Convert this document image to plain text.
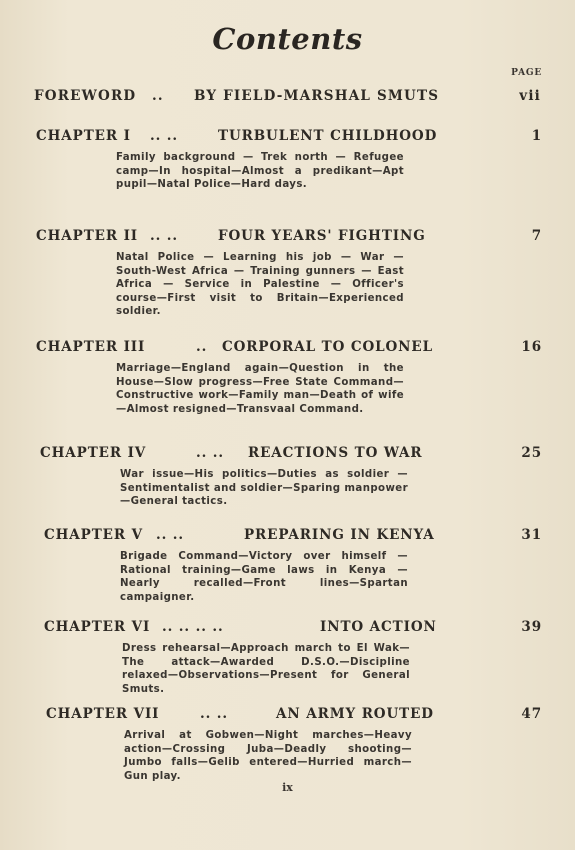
Contents
PAGE
FOREWORD .. BY FIELD-MARSHAL SMUTS	vii
CHAPTER I .. ..	TURBULENT CHILDHOOD	1
Family background — Trek north — Refugee camp—In hospital—Almost a predikant—Apt pupil—Natal Police—Hard days.
CHAPTER II .. ..	FOUR YEARS' FIGHTING	7
Natal Police — Learning his job — War — South-West Africa — Training gunners — East Africa — Service in Palestine — Officer's course—First visit to Britain—Experienced soldier.
CHAPTER III	.. CORPORAL TO COLONEL	16
Marriage—England again—Question in the House—Slow progress—Free State Command—Constructive work—Family man—Death of wife—Almost resigned—Transvaal Command.
CHAPTER IV	.. .. REACTIONS TO WAR	25
War issue—His politics—Duties as soldier —Sentimentalist and soldier—Sparing manpower—General tactics.
CHAPTER V .. ..	PREPARING IN KENYA	31
Brigade Command—Victory over himself —Rational training—Game laws in Kenya —Nearly recalled—Front lines—Spartan campaigner.
CHAPTER VI .. .. .. ..	INTO ACTION	39
Dress rehearsal—Approach march to El Wak—The attack—Awarded D.S.O.—Discipline relaxed—Observations—Present for General Smuts.
CHAPTER VII	.. ..	AN ARMY ROUTED	47
Arrival at Gobwen—Night marches—Heavy action—Crossing Juba—Deadly shooting—Jumbo falls—Gelib entered—Hurried march—Gun play.
ix
